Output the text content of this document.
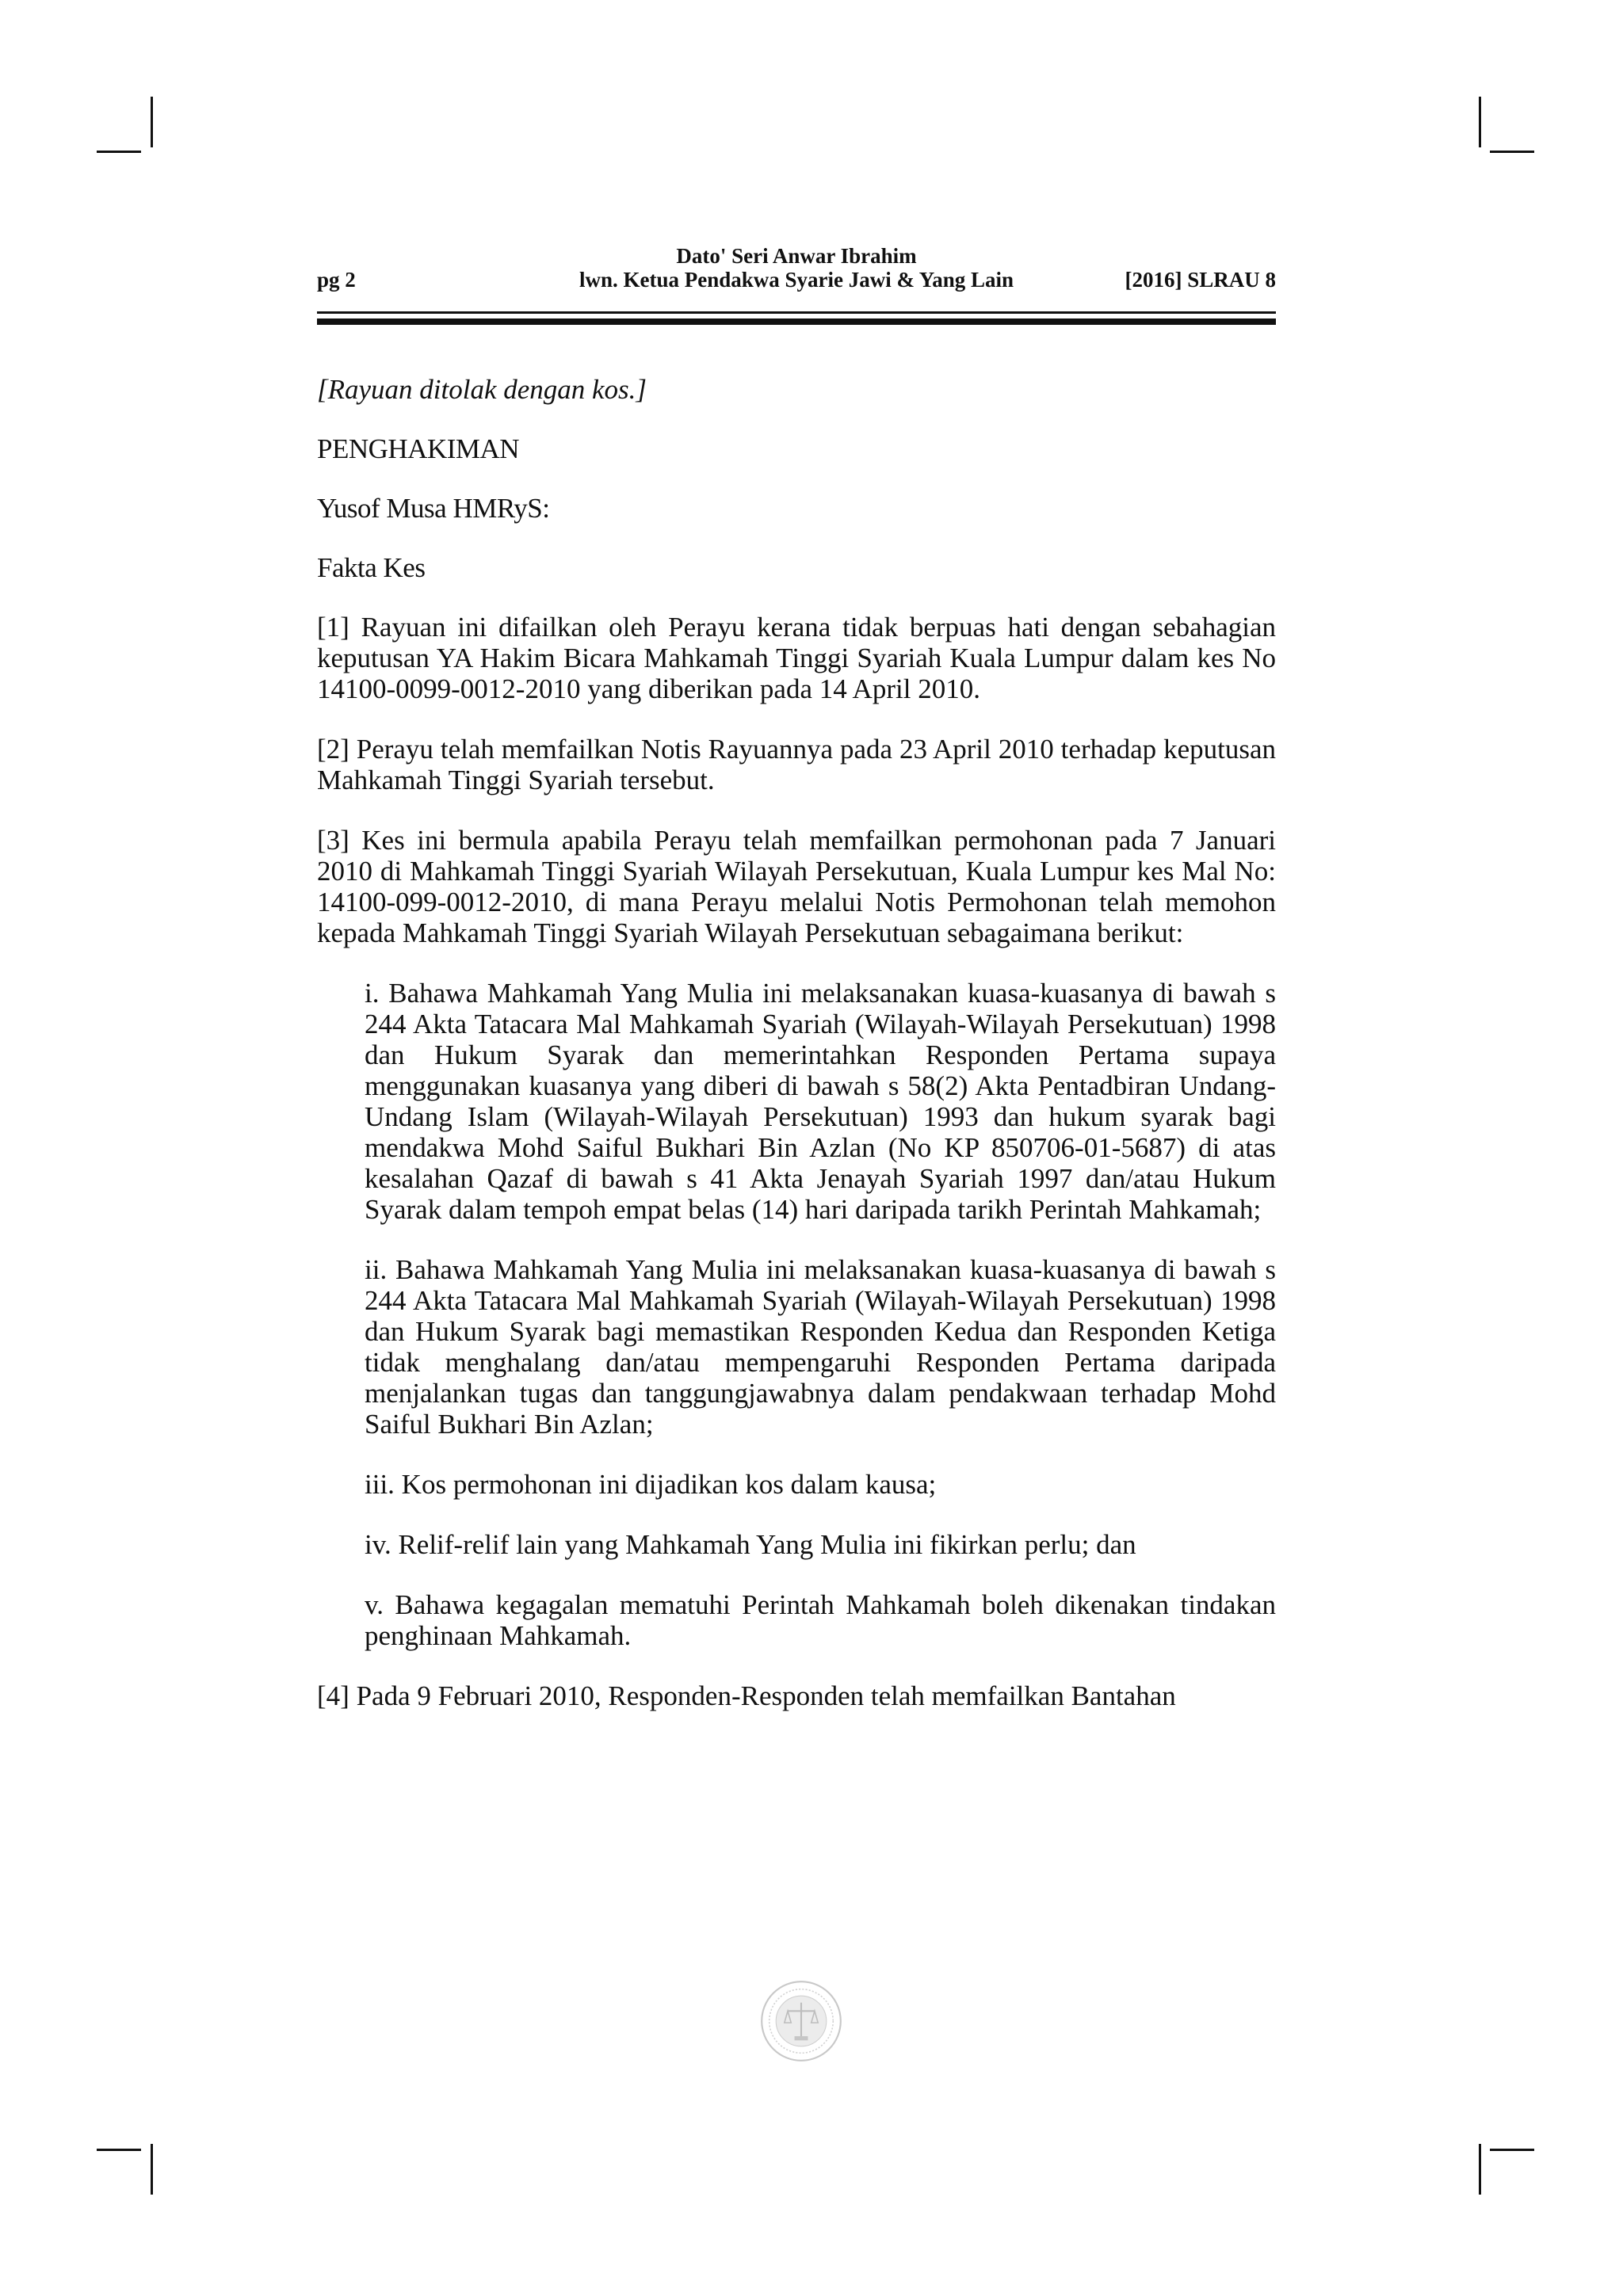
pg 2
Dato' Seri Anwar Ibrahim
lwn. Ketua Pendakwa Syarie Jawi & Yang Lain	[2016] SLRAU 8

[Rayuan ditolak dengan kos.]

PENGHAKIMAN

Yusof Musa HMRyS:

Fakta Kes

[1] Rayuan ini difailkan oleh Perayu kerana tidak berpuas hati dengan sebahagian keputusan YA Hakim Bicara Mahkamah Tinggi Syariah Kuala Lumpur dalam kes No 14100-0099-0012-2010 yang diberikan pada 14 April 2010.

[2] Perayu telah memfailkan Notis Rayuannya pada 23 April 2010 terhadap keputusan Mahkamah Tinggi Syariah tersebut.

[3] Kes ini bermula apabila Perayu telah memfailkan permohonan pada 7 Januari 2010 di Mahkamah Tinggi Syariah Wilayah Persekutuan, Kuala Lumpur kes Mal No: 14100-099-0012-2010, di mana Perayu melalui Notis Permohonan telah memohon kepada Mahkamah Tinggi Syariah Wilayah Persekutuan sebagaimana berikut:

i. Bahawa Mahkamah Yang Mulia ini melaksanakan kuasa-kuasanya di bawah s 244 Akta Tatacara Mal Mahkamah Syariah (Wilayah-Wilayah Persekutuan) 1998 dan Hukum Syarak dan memerintahkan Responden Pertama supaya menggunakan kuasanya yang diberi di bawah s 58(2) Akta Pentadbiran Undang-Undang Islam (Wilayah-Wilayah Persekutuan) 1993 dan hukum syarak bagi mendakwa Mohd Saiful Bukhari Bin Azlan (No KP 850706-01-5687) di atas kesalahan Qazaf di bawah s 41 Akta Jenayah Syariah 1997 dan/atau Hukum Syarak dalam tempoh empat belas (14) hari daripada tarikh Perintah Mahkamah;

ii. Bahawa Mahkamah Yang Mulia ini melaksanakan kuasa-kuasanya di bawah s 244 Akta Tatacara Mal Mahkamah Syariah (Wilayah-Wilayah Persekutuan) 1998 dan Hukum Syarak bagi memastikan Responden Kedua dan Responden Ketiga tidak menghalang dan/atau mempengaruhi Responden Pertama daripada menjalankan tugas dan tanggungjawabnya dalam pendakwaan terhadap Mohd Saiful Bukhari Bin Azlan;

iii. Kos permohonan ini dijadikan kos dalam kausa;

iv. Relif-relif lain yang Mahkamah Yang Mulia ini fikirkan perlu; dan

v. Bahawa kegagalan mematuhi Perintah Mahkamah boleh dikenakan tindakan penghinaan Mahkamah.

[4] Pada 9 Februari 2010, Responden-Responden telah memfailkan Bantahan
